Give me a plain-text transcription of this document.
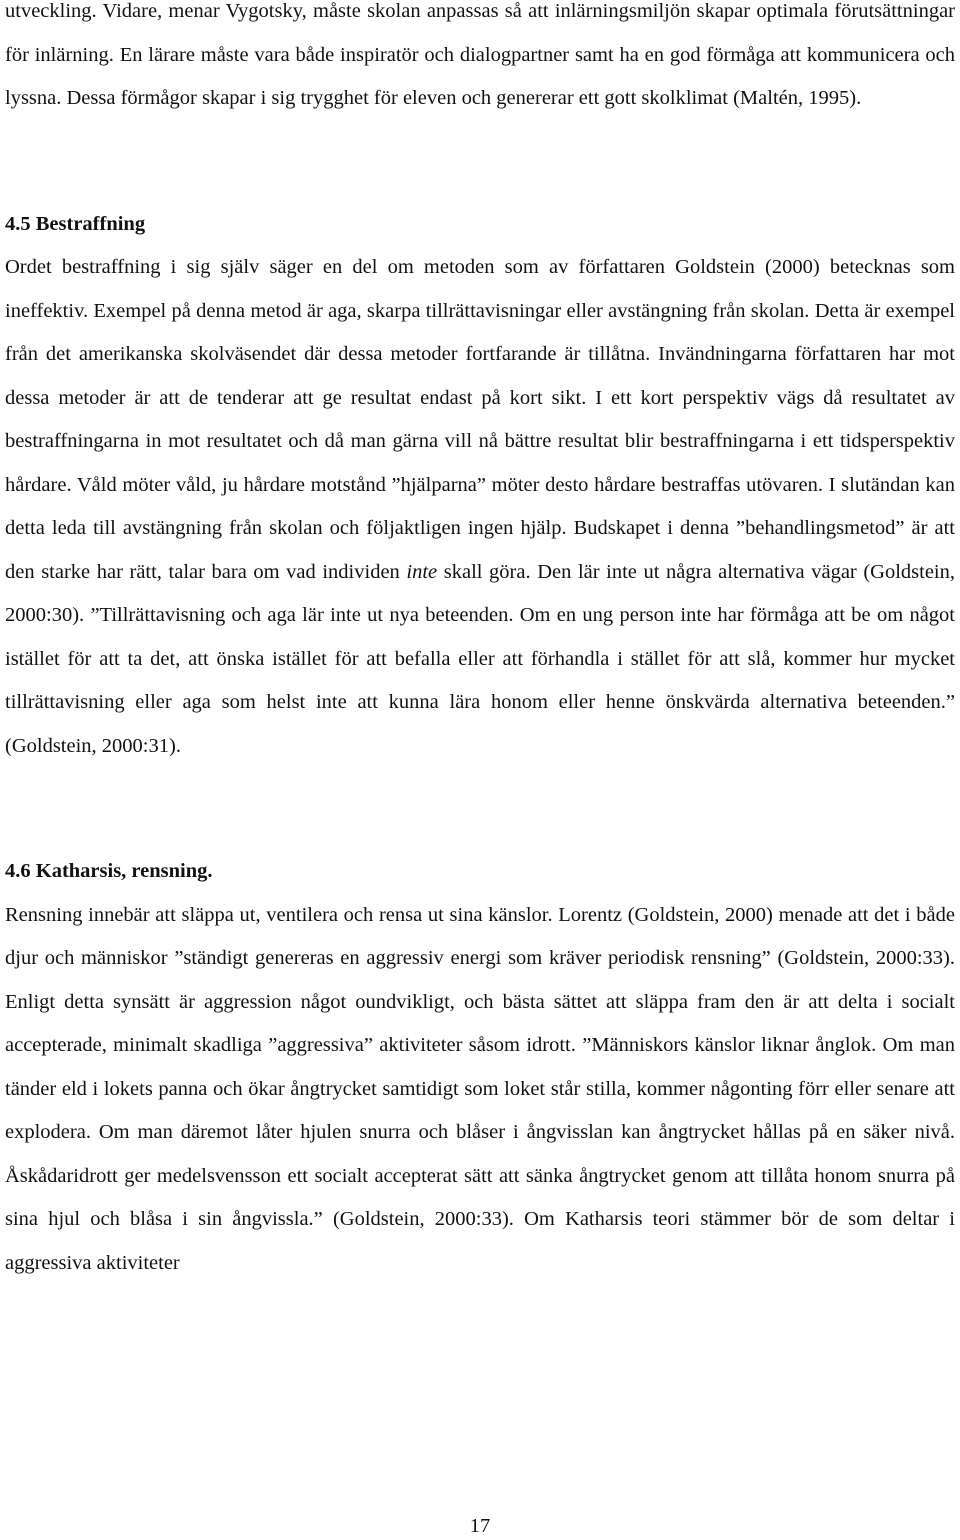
utveckling. Vidare, menar Vygotsky, måste skolan anpassas så att inlärningsmiljön skapar optimala förutsättningar för inlärning. En lärare måste vara både inspiratör och dialogpartner samt ha en god förmåga att kommunicera och lyssna. Dessa förmågor skapar i sig trygghet för eleven och genererar ett gott skolklimat (Maltén, 1995).

4.5 Bestraffning

Ordet bestraffning i sig själv säger en del om metoden som av författaren Goldstein (2000) betecknas som ineffektiv. Exempel på denna metod är aga, skarpa tillrättavisningar eller avstängning från skolan. Detta är exempel från det amerikanska skolväsendet där dessa metoder fortfarande är tillåtna. Invändningarna författaren har mot dessa metoder är att de tenderar att ge resultat endast på kort sikt. I ett kort perspektiv vägs då resultatet av bestraffningarna in mot resultatet och då man gärna vill nå bättre resultat blir bestraffningarna i ett tidsperspektiv hårdare. Våld möter våld, ju hårdare motstånd ”hjälparna” möter desto hårdare bestraffas utövaren. I slutändan kan detta leda till avstängning från skolan och följaktligen ingen hjälp. Budskapet i denna ”behandlingsmetod” är att den starke har rätt, talar bara om vad individen inte skall göra. Den lär inte ut några alternativa vägar (Goldstein, 2000:30). ”Tillrättavisning och aga lär inte ut nya beteenden. Om en ung person inte har förmåga att be om något istället för att ta det, att önska istället för att befalla eller att förhandla i stället för att slå, kommer hur mycket tillrättavisning eller aga som helst inte att kunna lära honom eller henne önskvärda alternativa beteenden.” (Goldstein, 2000:31).

4.6 Katharsis, rensning.

Rensning innebär att släppa ut, ventilera och rensa ut sina känslor. Lorentz (Goldstein, 2000) menade att det i både djur och människor ”ständigt genereras en aggressiv energi som kräver periodisk rensning” (Goldstein, 2000:33). Enligt detta synsätt är aggression något oundvikligt, och bästa sättet att släppa fram den är att delta i socialt accepterade, minimalt skadliga ”aggressiva” aktiviteter såsom idrott. ”Människors känslor liknar ånglok. Om man tänder eld i lokets panna och ökar ångtrycket samtidigt som loket står stilla, kommer någonting förr eller senare att explodera. Om man däremot låter hjulen snurra och blåser i ångvisslan kan ångtrycket hållas på en säker nivå. Åskådaridrott ger medelsvensson ett socialt accepterat sätt att sänka ångtrycket genom att tillåta honom snurra på sina hjul och blåsa i sin ångvissla.” (Goldstein, 2000:33). Om Katharsis teori stämmer bör de som deltar i aggressiva aktiviteter

17
